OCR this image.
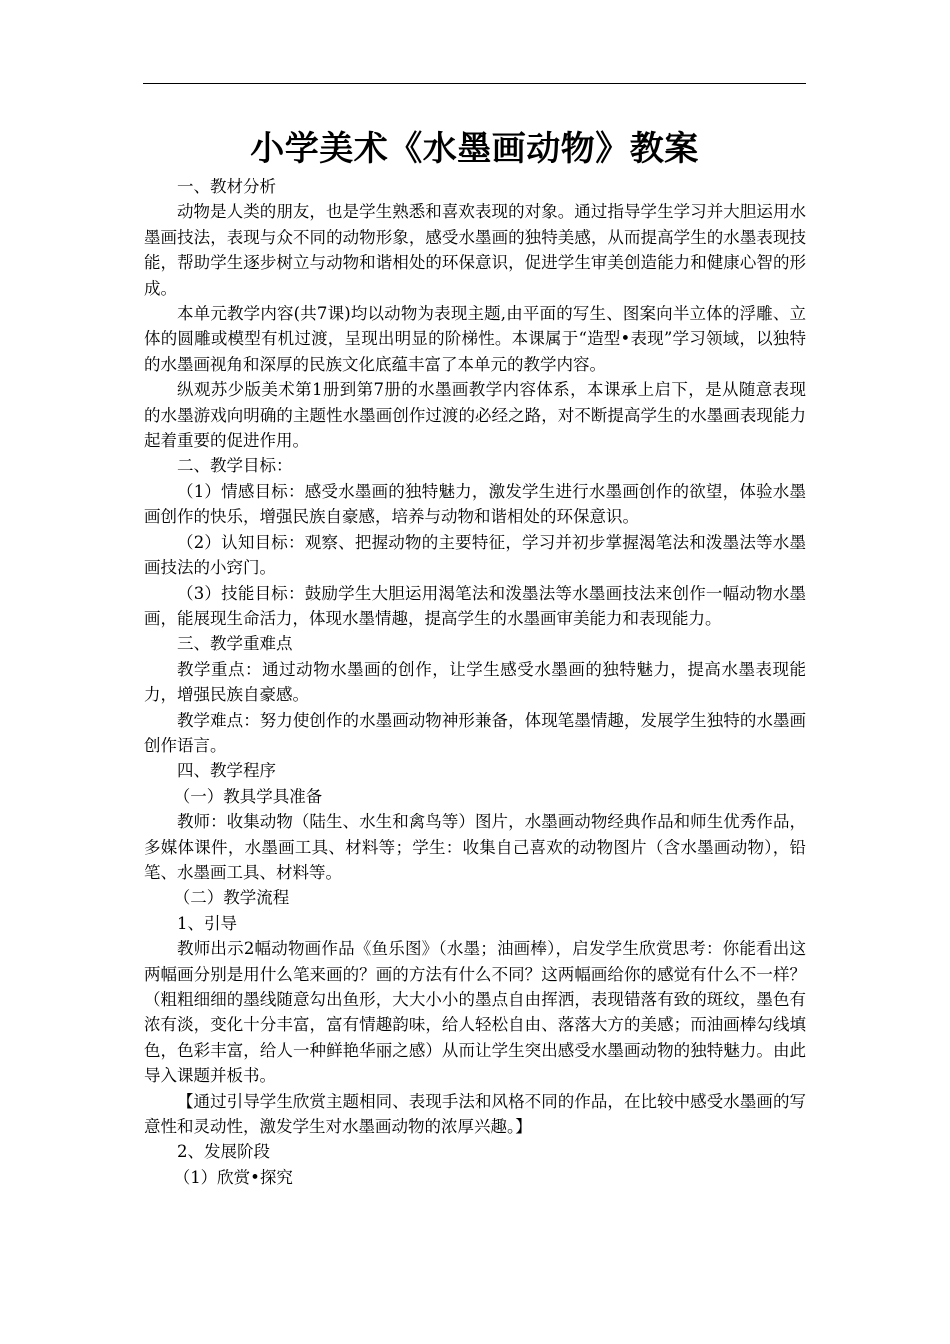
小学美术《水墨画动物》教案

一、教材分析

动物是人类的朋友，也是学生熟悉和喜欢表现的对象。通过指导学生学习并大胆运用水墨画技法，表现与众不同的动物形象，感受水墨画的独特美感，从而提高学生的水墨表现技能，帮助学生逐步树立与动物和谐相处的环保意识，促进学生审美创造能力和健康心智的形成。

本单元教学内容(共7课)均以动物为表现主题,由平面的写生、图案向半立体的浮雕、立体的圆雕或模型有机过渡，呈现出明显的阶梯性。本课属于“造型•表现”学习领域，以独特的水墨画视角和深厚的民族文化底蕴丰富了本单元的教学内容。

纵观苏少版美术第1册到第7册的水墨画教学内容体系，本课承上启下，是从随意表现的水墨游戏向明确的主题性水墨画创作过渡的必经之路，对不断提高学生的水墨画表现能力起着重要的促进作用。

二、教学目标：

（1）情感目标：感受水墨画的独特魅力，激发学生进行水墨画创作的欲望，体验水墨画创作的快乐，增强民族自豪感，培养与动物和谐相处的环保意识。

（2）认知目标：观察、把握动物的主要特征，学习并初步掌握渴笔法和泼墨法等水墨画技法的小窍门。

（3）技能目标：鼓励学生大胆运用渴笔法和泼墨法等水墨画技法来创作一幅动物水墨画，能展现生命活力，体现水墨情趣，提高学生的水墨画审美能力和表现能力。

三、教学重难点

教学重点：通过动物水墨画的创作，让学生感受水墨画的独特魅力，提高水墨表现能力，增强民族自豪感。

教学难点：努力使创作的水墨画动物神形兼备，体现笔墨情趣，发展学生独特的水墨画创作语言。

四、教学程序

（一）教具学具准备

教师：收集动物（陆生、水生和禽鸟等）图片，水墨画动物经典作品和师生优秀作品，多媒体课件，水墨画工具、材料等；学生：收集自己喜欢的动物图片（含水墨画动物），铅笔、水墨画工具、材料等。

（二）教学流程

1、引导

教师出示2幅动物画作品《鱼乐图》（水墨；油画棒），启发学生欣赏思考：你能看出这两幅画分别是用什么笔来画的？画的方法有什么不同？这两幅画给你的感觉有什么不一样？（粗粗细细的墨线随意勾出鱼形，大大小小的墨点自由挥洒，表现错落有致的斑纹，墨色有浓有淡，变化十分丰富，富有情趣韵味，给人轻松自由、落落大方的美感；而油画棒勾线填色，色彩丰富，给人一种鲜艳华丽之感）从而让学生突出感受水墨画动物的独特魅力。由此导入课题并板书。

【通过引导学生欣赏主题相同、表现手法和风格不同的作品，在比较中感受水墨画的写意性和灵动性，激发学生对水墨画动物的浓厚兴趣。】

2、发展阶段

（1）欣赏•探究
